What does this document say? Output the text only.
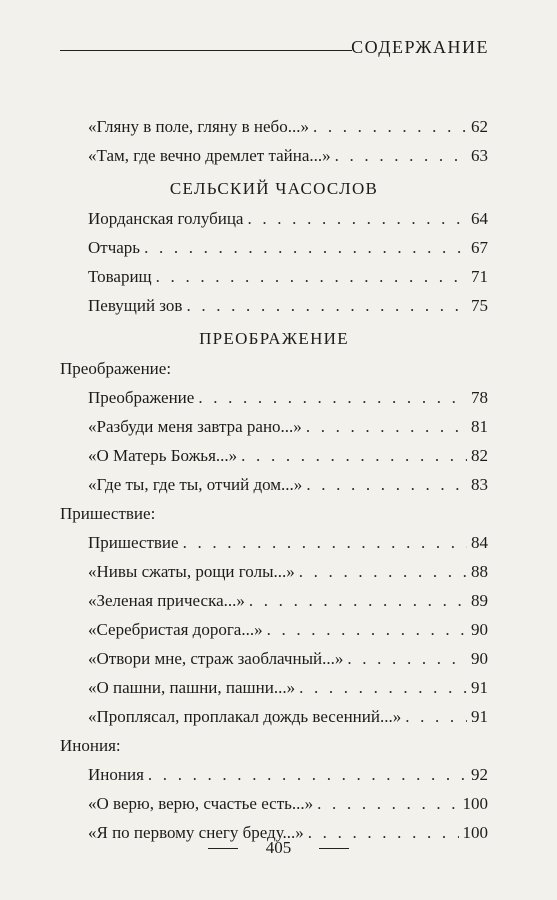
СОДЕРЖАНИЕ
«Гляну в поле, гляну в небо...» . . .	62
«Там, где вечно дремлет тайна...» . . .	63
СЕЛЬСКИЙ ЧАСОСЛОВ
Иорданская голубица . . .	64
Отчарь . . .	67
Товарищ . . .	71
Певущий зов . . .	75
ПРЕОБРАЖЕНИЕ
Преображение:
Преображение . . .	78
«Разбуди меня завтра рано...» . . .	81
«О Матерь Божья...» . . .	82
«Где ты, где ты, отчий дом...» . . .	83
Пришествие:
Пришествие . . .	84
«Нивы сжаты, рощи голы...» . . .	88
«Зеленая прическа...» . . .	89
«Серебристая дорога...» . . .	90
«Отвори мне, страж заоблачный...» . . .	90
«О пашни, пашни, пашни...» . . .	91
«Проплясал, проплакал дождь весенний...» . . .	91
Инония:
Инония . . .	92
«О верю, верю, счастье есть...» . . .	100
«Я по первому снегу бреду...» . . .	100
405
